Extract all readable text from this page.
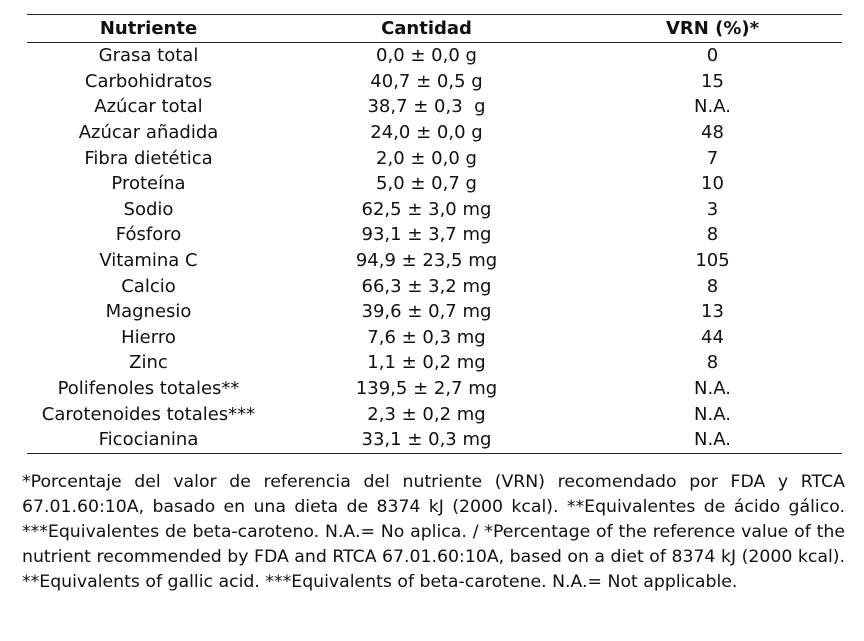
Nutriente	Cantidad	VRN (%)*
Grasa total	0,0 ± 0,0 g	0
Carbohidratos	40,7 ± 0,5 g	15
Azúcar total	38,7 ± 0,3  g	N.A.
Azúcar añadida	24,0 ± 0,0 g	48
Fibra dietética	2,0 ± 0,0 g	7
Proteína	5,0 ± 0,7 g	10
Sodio	62,5 ± 3,0 mg	3
Fósforo	93,1 ± 3,7 mg	8
Vitamina C	94,9 ± 23,5 mg	105
Calcio	66,3 ± 3,2 mg	8
Magnesio	39,6 ± 0,7 mg	13
Hierro	7,6 ± 0,3 mg	44
Zinc	1,1 ± 0,2 mg	8
Polifenoles totales**	139,5 ± 2,7 mg	N.A.
Carotenoides totales***	2,3 ± 0,2 mg	N.A.
Ficocianina	33,1 ± 0,3 mg	N.A.

*Porcentaje del valor de referencia del nutriente (VRN) recomendado por FDA y RTCA 67.01.60:10A, basado en una dieta de 8374 kJ (2000 kcal). **Equivalentes de ácido gálico. ***Equivalentes de beta-caroteno. N.A.= No aplica. / *Percentage of the reference value of the nutrient recommended by FDA and RTCA 67.01.60:10A, based on a diet of 8374 kJ (2000 kcal). **Equivalents of gallic acid. ***Equivalents of beta-carotene. N.A.= Not applicable.
